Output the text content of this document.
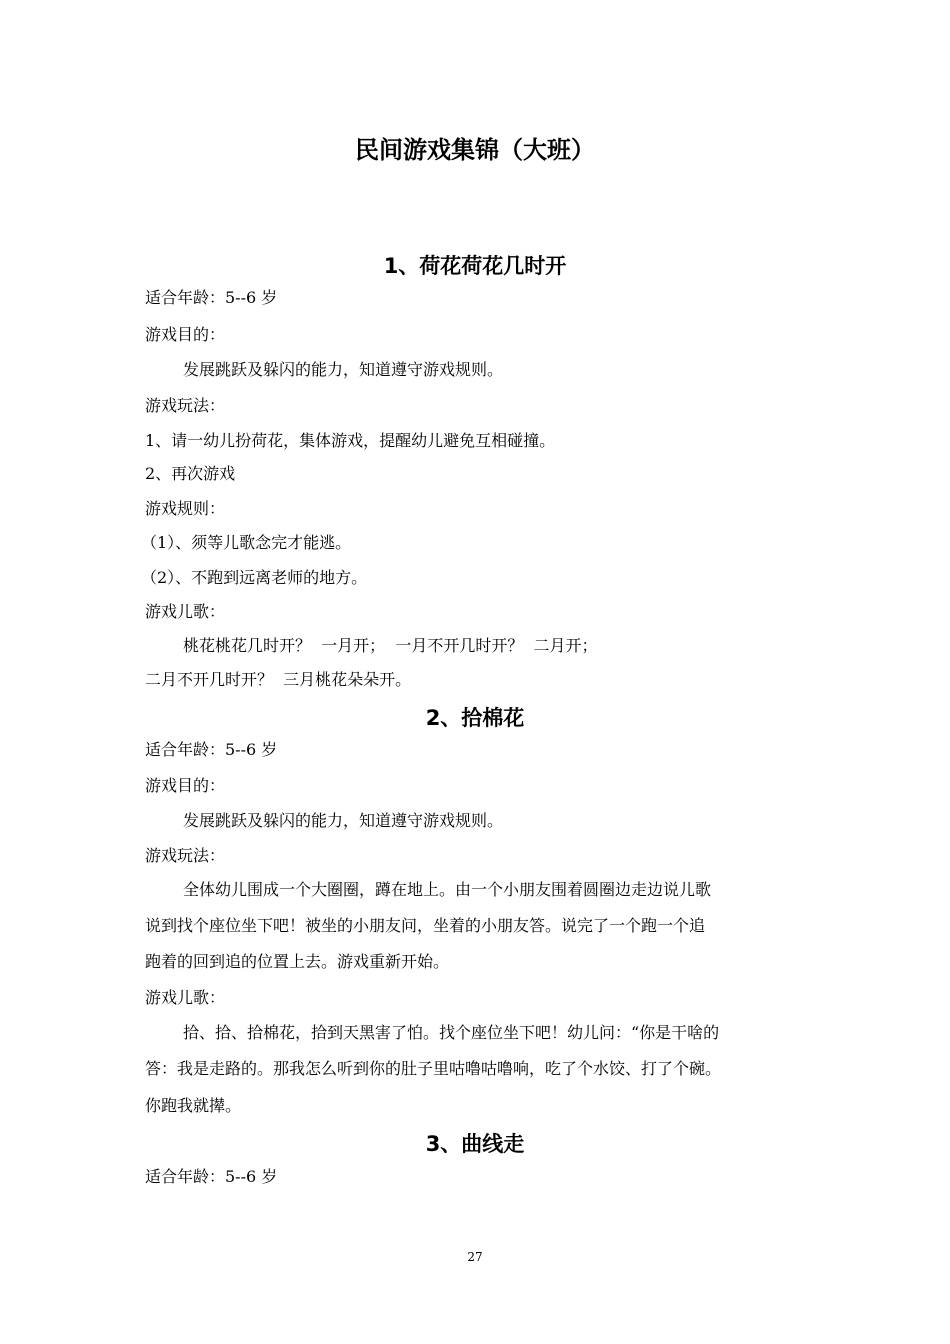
民间游戏集锦（大班）
1、荷花荷花几时开
适合年龄：5--6 岁
游戏目的：
发展跳跃及躲闪的能力，知道遵守游戏规则。
游戏玩法：
1、请一幼儿扮荷花，集体游戏，提醒幼儿避免互相碰撞。
2、再次游戏
游戏规则：
（1）、须等儿歌念完才能逃。
（2）、不跑到远离老师的地方。
游戏儿歌：
桃花桃花几时开？  一月开；  一月不开几时开？  二月开；
二月不开几时开？  三月桃花朵朵开。
2、拾棉花
适合年龄：5--6 岁
游戏目的：
发展跳跃及躲闪的能力，知道遵守游戏规则。
游戏玩法：
全体幼儿围成一个大圈圈，蹲在地上。由一个小朋友围着圆圈边走边说儿歌
说到找个座位坐下吧！被坐的小朋友问，坐着的小朋友答。说完了一个跑一个追
跑着的回到追的位置上去。游戏重新开始。
游戏儿歌：
拾、拾、拾棉花，拾到天黑害了怕。找个座位坐下吧！幼儿问：“你是干啥的
答：我是走路的。那我怎么听到你的肚子里咕噜咕噜响，吃了个水饺、打了个碗。
你跑我就撵。
3、曲线走
适合年龄：5--6 岁
27
